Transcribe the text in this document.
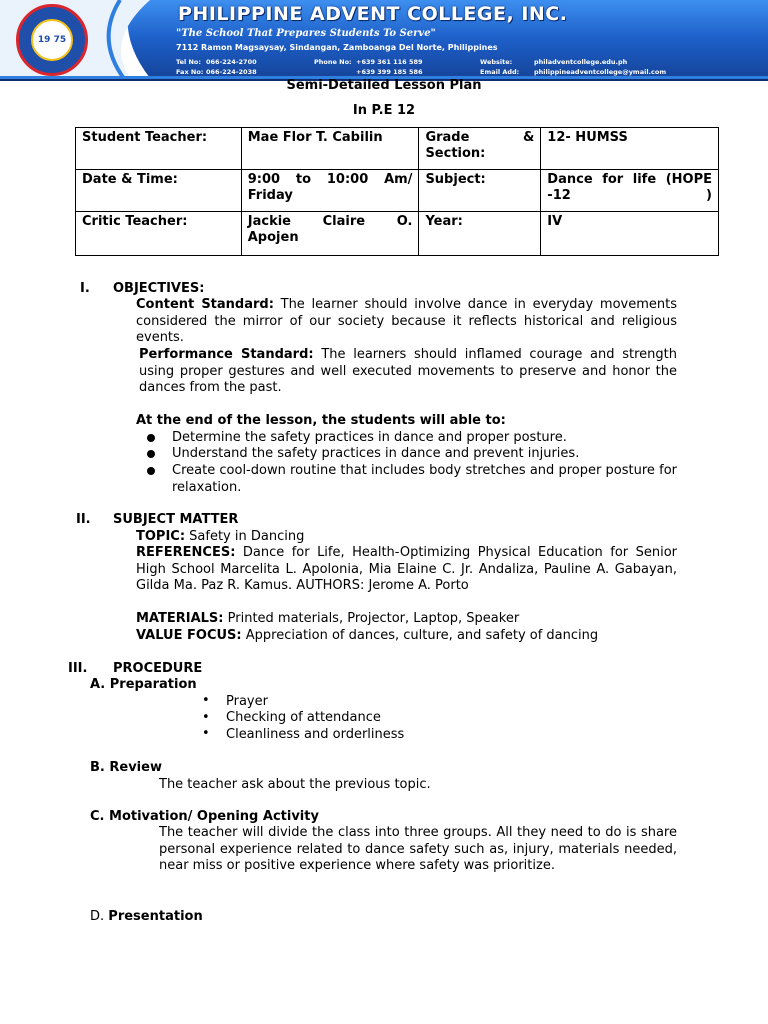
19 75
PHILIPPINE ADVENT COLLEGE, INC.
"The School That Prepares Students To Serve"
7112 Ramon Magsaysay, Sindangan, Zamboanga Del Norte, Philippines
Tel No: 066-224-2700
Fax No: 066-224-2038
Phone No: +639 361 116 589
+639 399 185 586
Website:	philadventcollege.edu.ph
Email Add: philippineadventcollege@ymail.com
Semi-Detailed Lesson Plan
In P.E 12
Student Teacher:	Mae Flor T. Cabilin	Grade & Section:	12- HUMSS
Date & Time:	9:00 to 10:00 Am/ Friday	Subject:	Dance for life (HOPE -12 )
Critic Teacher:	Jackie Claire O. Apojen	Year:	IV
I. OBJECTIVES:
Content Standard: The learner should involve dance in everyday movements considered the mirror of our society because it reflects historical and religious events.
Performance Standard: The learners should inflamed courage and strength using proper gestures and well executed movements to preserve and honor the dances from the past.
At the end of the lesson, the students will able to:
Determine the safety practices in dance and proper posture.
Understand the safety practices in dance and prevent injuries.
Create cool-down routine that includes body stretches and proper posture for relaxation.
II. SUBJECT MATTER
TOPIC: Safety in Dancing
REFERENCES: Dance for Life, Health-Optimizing Physical Education for Senior High School Marcelita L. Apolonia, Mia Elaine C. Jr. Andaliza, Pauline A. Gabayan, Gilda Ma. Paz R. Kamus. AUTHORS: Jerome A. Porto
MATERIALS: Printed materials, Projector, Laptop, Speaker
VALUE FOCUS: Appreciation of dances, culture, and safety of dancing
III. PROCEDURE
A. Preparation
• Prayer
• Checking of attendance
• Cleanliness and orderliness
B. Review
The teacher ask about the previous topic.
C. Motivation/ Opening Activity
The teacher will divide the class into three groups. All they need to do is share personal experience related to dance safety such as, injury, materials needed, near miss or positive experience where safety was prioritize.
D. Presentation
